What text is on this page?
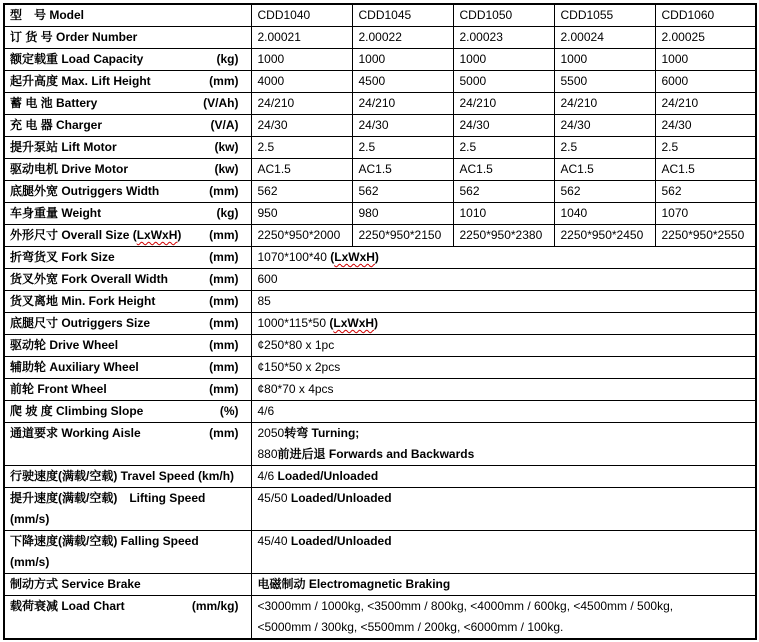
型　号 Model	CDD1040	CDD1045	CDD1050	CDD1055	CDD1060

订 货 号 Order Number	2.00021	2.00022	2.00023	2.00024	2.00025

额定载重 Load Capacity (kg)	1000	1000	1000	1000	1000

起升高度 Max. Lift Height (mm)	4000	4500	5000	5500	6000

蓄 电 池 Battery (V/Ah)	24/210	24/210	24/210	24/210	24/210

充 电 器 Charger (V/A)	24/30	24/30	24/30	24/30	24/30

提升泵站 Lift Motor (kw)	2.5	2.5	2.5	2.5	2.5

驱动电机 Drive Motor (kw)	AC1.5	AC1.5	AC1.5	AC1.5	AC1.5

底腿外宽 Outriggers Width (mm)	562	562	562	562	562

车身重量 Weight (kg)	950	980	1010	1040	1070

外形尺寸 Overall Size (LxWxH) (mm)	2250*950*2000	2250*950*2150	2250*950*2380	2250*950*2450	2250*950*2550

折弯货叉 Fork Size (mm)	1070*100*40 (LxWxH)				

货叉外宽 Fork Overall Width (mm)	600				

货叉离地 Min. Fork Height (mm)	85				

底腿尺寸 Outriggers Size (mm)	1000*115*50 (LxWxH)				

驱动轮 Drive Wheel (mm)	¢250*80 x 1pc				

辅助轮 Auxiliary Wheel (mm)	¢150*50 x 2pcs				

前轮 Front Wheel (mm)	¢80*70 x 4pcs				

爬 坡 度 Climbing Slope (%)	4/6				

通道要求 Working Aisle	(mm)	2050转弯 Turning;
880前进后退 Forwards and Backwards

行驶速度(满载/空载) Travel Speed (km/h)	4/6 Loaded/Unloaded				

提升速度(满载/空载)　Lifting Speed
(mm/s)	45/50 Loaded/Unloaded				

下降速度(满载/空载) Falling Speed
(mm/s)	45/40 Loaded/Unloaded				

制动方式 Service Brake	电磁制动 Electromagnetic Braking				

载荷衰减 Load Chart	(mm/kg)	<3000mm / 1000kg, <3500mm / 800kg, <4000mm / 600kg, <4500mm / 500kg,
<5000mm / 300kg, <5500mm / 200kg, <6000mm / 100kg.
